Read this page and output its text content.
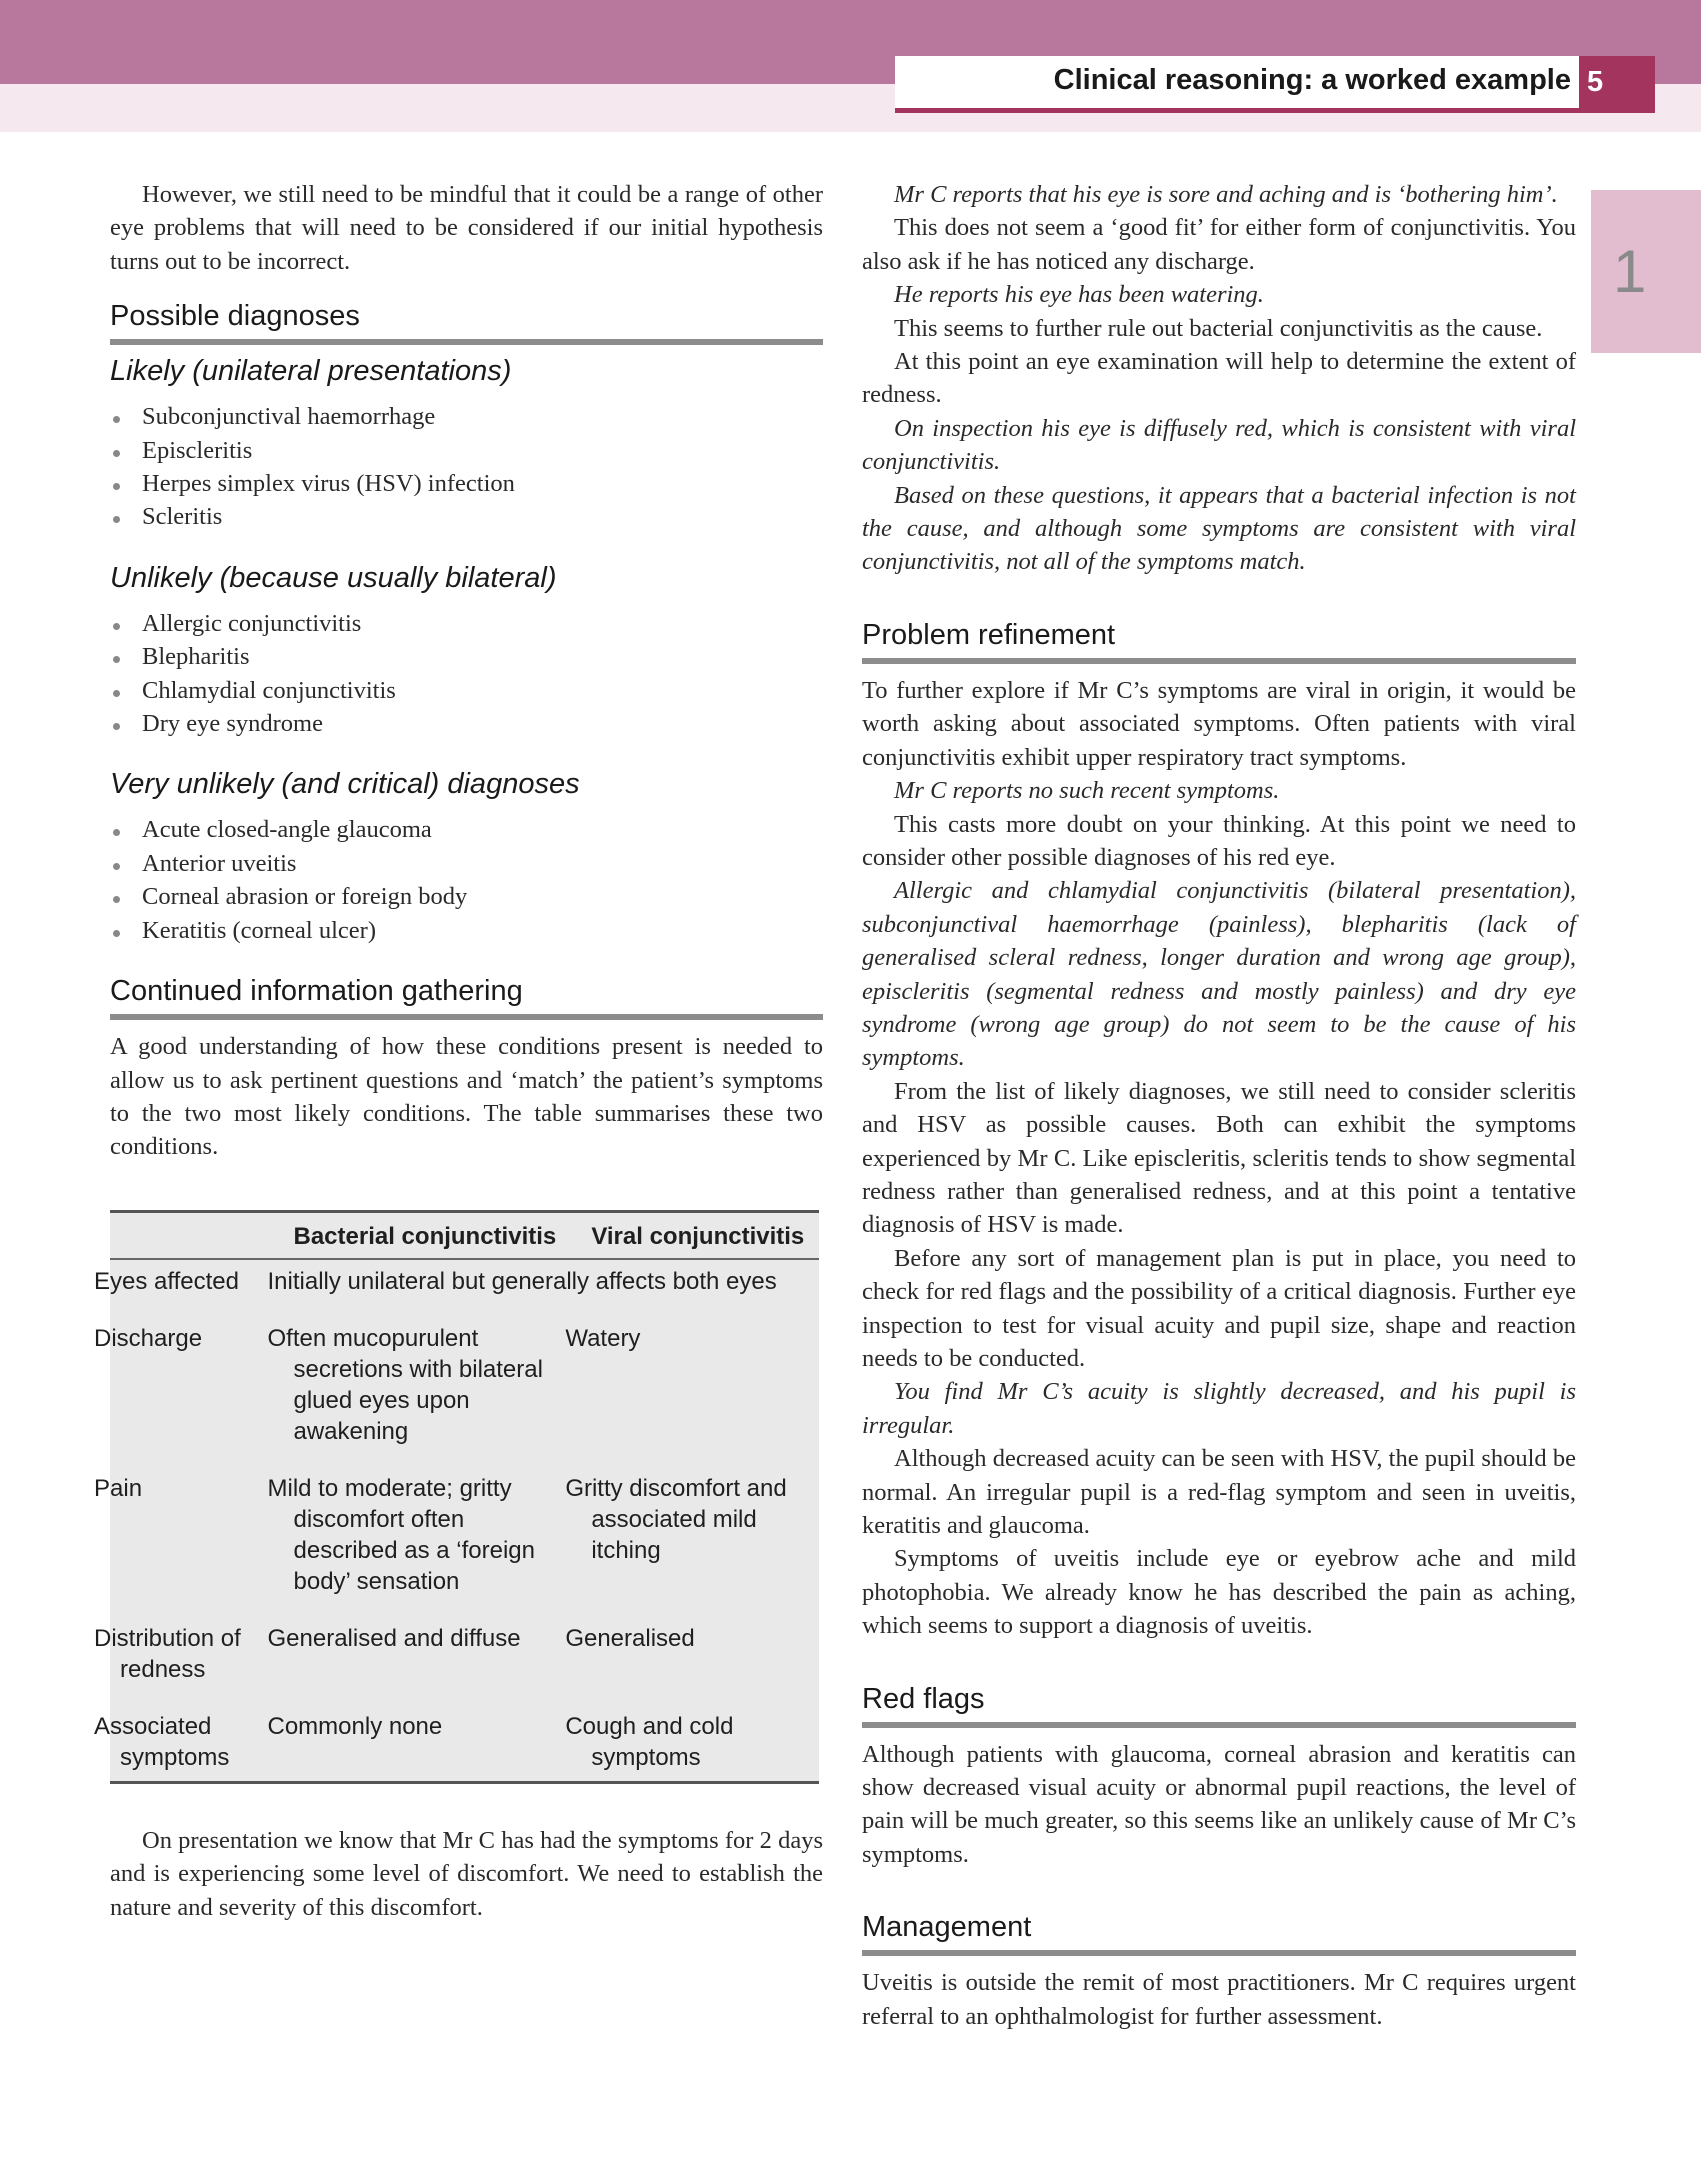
Clinical reasoning: a worked example 5
1

However, we still need to be mindful that it could be a range of other eye problems that will need to be considered if our initial hypothesis turns out to be incorrect.

Possible diagnoses
Likely (unilateral presentations)
Subconjunctival haemorrhage
Episcleritis
Herpes simplex virus (HSV) infection
Scleritis
Unlikely (because usually bilateral)
Allergic conjunctivitis
Blepharitis
Chlamydial conjunctivitis
Dry eye syndrome
Very unlikely (and critical) diagnoses
Acute closed-angle glaucoma
Anterior uveitis
Corneal abrasion or foreign body
Keratitis (corneal ulcer)
Continued information gathering

A good understanding of how these conditions present is needed to allow us to ask pertinent questions and ‘match’ the patient’s symptoms to the two most likely conditions. The table summarises these two conditions.

	Bacterial conjunctivitis	Viral conjunctivitis
Eyes affected	Initially unilateral but generally affects both eyes	
Discharge	Often mucopurulent secretions with bilateral glued eyes upon awakening	Watery
Pain	Mild to moderate; gritty discomfort often described as a ‘foreign body’ sensation	Gritty discomfort and associated mild itching
Distribution of redness	Generalised and diffuse	Generalised
Associated symptoms	Commonly none	Cough and cold symptoms

On presentation we know that Mr C has had the symptoms for 2 days and is experiencing some level of discomfort. We need to establish the nature and severity of this discomfort.

Mr C reports that his eye is sore and aching and is ‘bothering him’.

This does not seem a ‘good fit’ for either form of conjunctivitis. You also ask if he has noticed any discharge.

He reports his eye has been watering.

This seems to further rule out bacterial conjunctivitis as the cause.

At this point an eye examination will help to determine the extent of redness.

On inspection his eye is diffusely red, which is consistent with viral conjunctivitis.

Based on these questions, it appears that a bacterial infection is not the cause, and although some symptoms are consistent with viral conjunctivitis, not all of the symptoms match.

Problem refinement

To further explore if Mr C’s symptoms are viral in origin, it would be worth asking about associated symptoms. Often patients with viral conjunctivitis exhibit upper respiratory tract symptoms.

Mr C reports no such recent symptoms.

This casts more doubt on your thinking. At this point we need to consider other possible diagnoses of his red eye.

Allergic and chlamydial conjunctivitis (bilateral presentation), subconjunctival haemorrhage (painless), blepharitis (lack of generalised scleral redness, longer duration and wrong age group), episcleritis (segmental redness and mostly painless) and dry eye syndrome (wrong age group) do not seem to be the cause of his symptoms.

From the list of likely diagnoses, we still need to consider scleritis and HSV as possible causes. Both can exhibit the symptoms experienced by Mr C. Like episcleritis, scleritis tends to show segmental redness rather than generalised redness, and at this point a tentative diagnosis of HSV is made.

Before any sort of management plan is put in place, you need to check for red flags and the possibility of a critical diagnosis. Further eye inspection to test for visual acuity and pupil size, shape and reaction needs to be conducted.

You find Mr C’s acuity is slightly decreased, and his pupil is irregular.

Although decreased acuity can be seen with HSV, the pupil should be normal. An irregular pupil is a red-flag symptom and seen in uveitis, keratitis and glaucoma.

Symptoms of uveitis include eye or eyebrow ache and mild photophobia. We already know he has described the pain as aching, which seems to support a diagnosis of uveitis.

Red flags

Although patients with glaucoma, corneal abrasion and keratitis can show decreased visual acuity or abnormal pupil reactions, the level of pain will be much greater, so this seems like an unlikely cause of Mr C’s symptoms.

Management

Uveitis is outside the remit of most practitioners. Mr C requires urgent referral to an ophthalmologist for further assessment.
